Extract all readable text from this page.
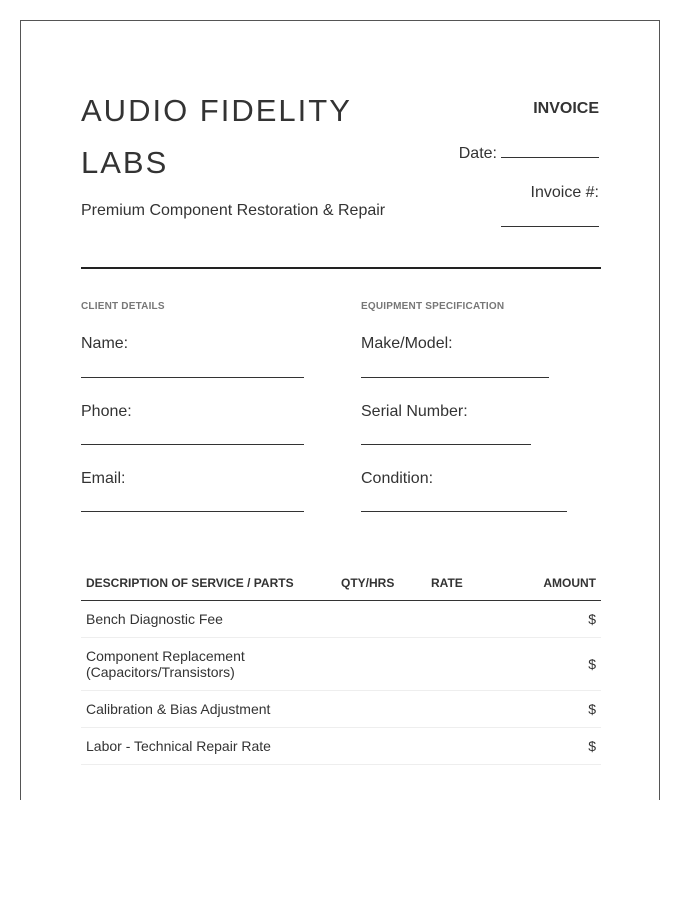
AUDIO FIDELITY LABS
Premium Component Restoration & Repair
INVOICE
Date:
Invoice #:
CLIENT DETAILS
Name:
Phone:
Email:
EQUIPMENT SPECIFICATION
Make/Model:
Serial Number:
Condition:
DESCRIPTION OF SERVICE / PARTS	QTY/HRS	RATE	AMOUNT
Bench Diagnostic Fee			$
Component Replacement (Capacitors/Transistors)			$
Calibration & Bias Adjustment			$
Labor - Technical Repair Rate			$
